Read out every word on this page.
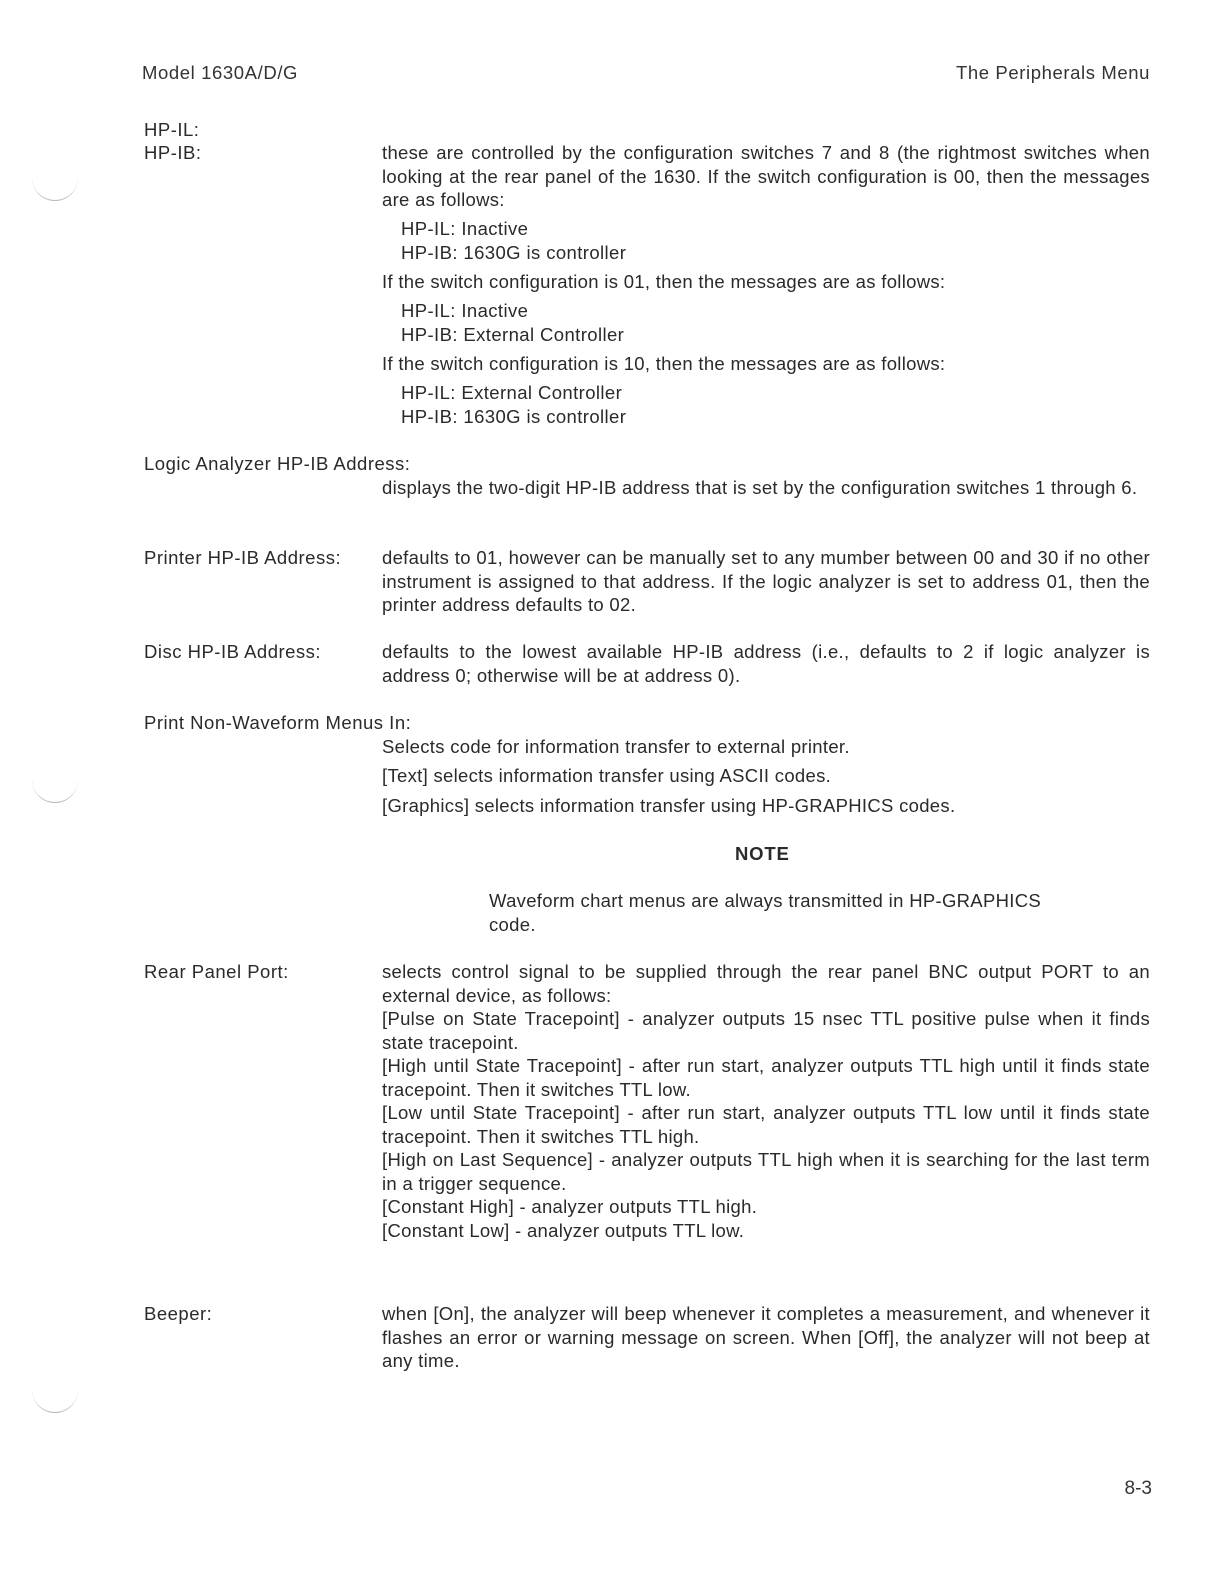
Model 1630A/D/G	The Peripherals Menu
HP-IL:
HP-IB:	these are controlled by the configuration switches 7 and 8 (the rightmost switches when looking at the rear panel of the 1630. If the switch configuration is 00, then the messages are as follows:
HP-IL: Inactive
HP-IB: 1630G is controller
If the switch configuration is 01, then the messages are as follows:
HP-IL: Inactive
HP-IB: External Controller
If the switch configuration is 10, then the messages are as follows:
HP-IL: External Controller
HP-IB: 1630G is controller
Logic Analyzer HP-IB Address:
displays the two-digit HP-IB address that is set by the configuration switches 1 through 6.
Printer HP-IB Address: defaults to 01, however can be manually set to any mumber between 00 and 30 if no other instrument is assigned to that address. If the logic analyzer is set to address 01, then the printer address defaults to 02.
Disc HP-IB Address:	defaults to the lowest available HP-IB address (i.e., defaults to 2 if logic analyzer is address 0; otherwise will be at address 0).
Print Non-Waveform Menus In:
Selects code for information transfer to external printer.
[Text] selects information transfer using ASCII codes.
[Graphics] selects information transfer using HP-GRAPHICS codes.
NOTE
Waveform chart menus are always transmitted in HP-GRAPHICS code.
Rear Panel Port:	selects control signal to be supplied through the rear panel BNC output PORT to an external device, as follows:

[Pulse on State Tracepoint] - analyzer outputs 15 nsec TTL positive pulse when it finds state tracepoint.

[High until State Tracepoint] - after run start, analyzer outputs TTL high until it finds state tracepoint. Then it switches TTL low.

[Low until State Tracepoint] - after run start, analyzer outputs TTL low until it finds state tracepoint. Then it switches TTL high.

[High on Last Sequence] - analyzer outputs TTL high when it is searching for the last term in a trigger sequence.

[Constant High] - analyzer outputs TTL high.

[Constant Low] - analyzer outputs TTL low.

Beeper:	when [On], the analyzer will beep whenever it completes a measurement, and whenever it flashes an error or warning message on screen. When [Off], the analyzer will not beep at any time.
8-3
